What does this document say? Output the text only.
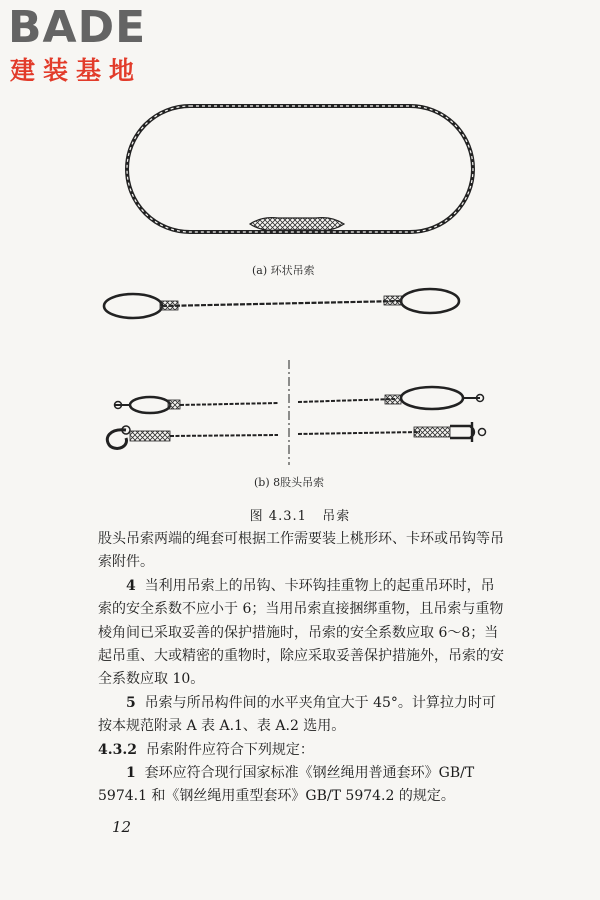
BADE
建装基地
(a) 环状吊索
(b) 8股头吊索
图 4.3.1 吊索

股头吊索两端的绳套可根据工作需要装上桃形环、卡环或吊钩等吊索附件。

4 当利用吊索上的吊钩、卡环钩挂重物上的起重吊环时，吊索的安全系数不应小于 6；当用吊索直接捆绑重物，且吊索与重物棱角间已采取妥善的保护措施时，吊索的安全系数应取 6～8；当起吊重、大或精密的重物时，除应采取妥善保护措施外，吊索的安全系数应取 10。

5 吊索与所吊构件间的水平夹角宜大于 45°。计算拉力时可按本规范附录 A 表 A.1、表 A.2 选用。

4.3.2 吊索附件应符合下列规定：

1 套环应符合现行国家标准《钢丝绳用普通套环》GB/T 5974.1 和《钢丝绳用重型套环》GB/T 5974.2 的规定。

12
